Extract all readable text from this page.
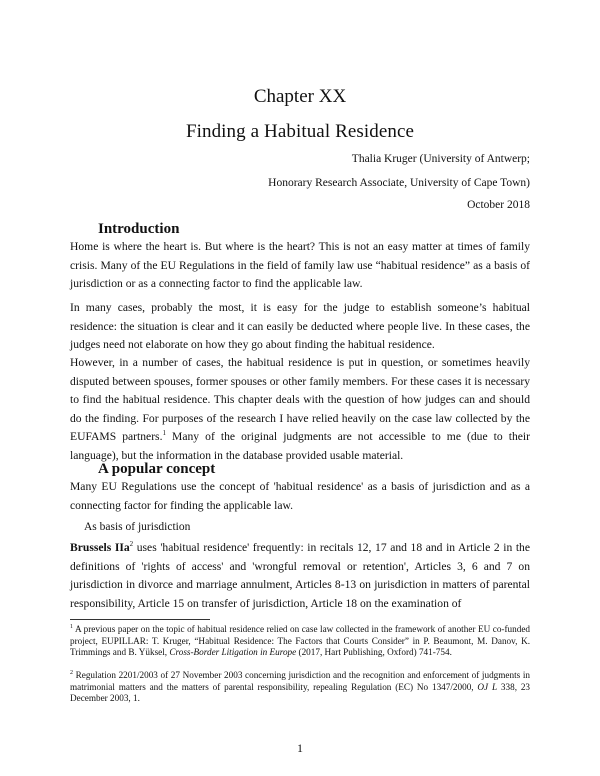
Chapter XX
Finding a Habitual Residence
Thalia Kruger (University of Antwerp;
Honorary Research Associate, University of Cape Town)
October 2018
Introduction
Home is where the heart is. But where is the heart? This is not an easy matter at times of family crisis. Many of the EU Regulations in the field of family law use “habitual residence” as a basis of jurisdiction or as a connecting factor to find the applicable law.
In many cases, probably the most, it is easy for the judge to establish someone’s habitual residence: the situation is clear and it can easily be deducted where people live. In these cases, the judges need not elaborate on how they go about finding the habitual residence.
However, in a number of cases, the habitual residence is put in question, or sometimes heavily disputed between spouses, former spouses or other family members. For these cases it is necessary to find the habitual residence. This chapter deals with the question of how judges can and should do the finding. For purposes of the research I have relied heavily on the case law collected by the EUFAMS partners.$^1$ Many of the original judgments are not accessible to me (due to their language), but the information in the database provided usable material.
A popular concept
Many EU Regulations use the concept of 'habitual residence' as a basis of jurisdiction and as a connecting factor for finding the applicable law.
As basis of jurisdiction
Brussels IIa$^2$ uses 'habitual residence' frequently: in recitals 12, 17 and 18 and in Article 2 in the definitions of 'rights of access' and 'wrongful removal or retention', Articles 3, 6 and 7 on jurisdiction in divorce and marriage annulment, Articles 8-13 on jurisdiction in matters of parental responsibility, Article 15 on transfer of jurisdiction, Article 18 on the examination of
$^1$ A previous paper on the topic of habitual residence relied on case law collected in the framework of another EU co-funded project, EUPILLAR: T. Kruger, “Habitual Residence: The Factors that Courts Consider” in P. Beaumont, M. Danov, K. Trimmings and B. Yüksel, Cross-Border Litigation in Europe (2017, Hart Publishing, Oxford) 741-754.
$^2$ Regulation 2201/2003 of 27 November 2003 concerning jurisdiction and the recognition and enforcement of judgments in matrimonial matters and the matters of parental responsibility, repealing Regulation (EC) No 1347/2000, OJ L 338, 23 December 2003, 1.
1
